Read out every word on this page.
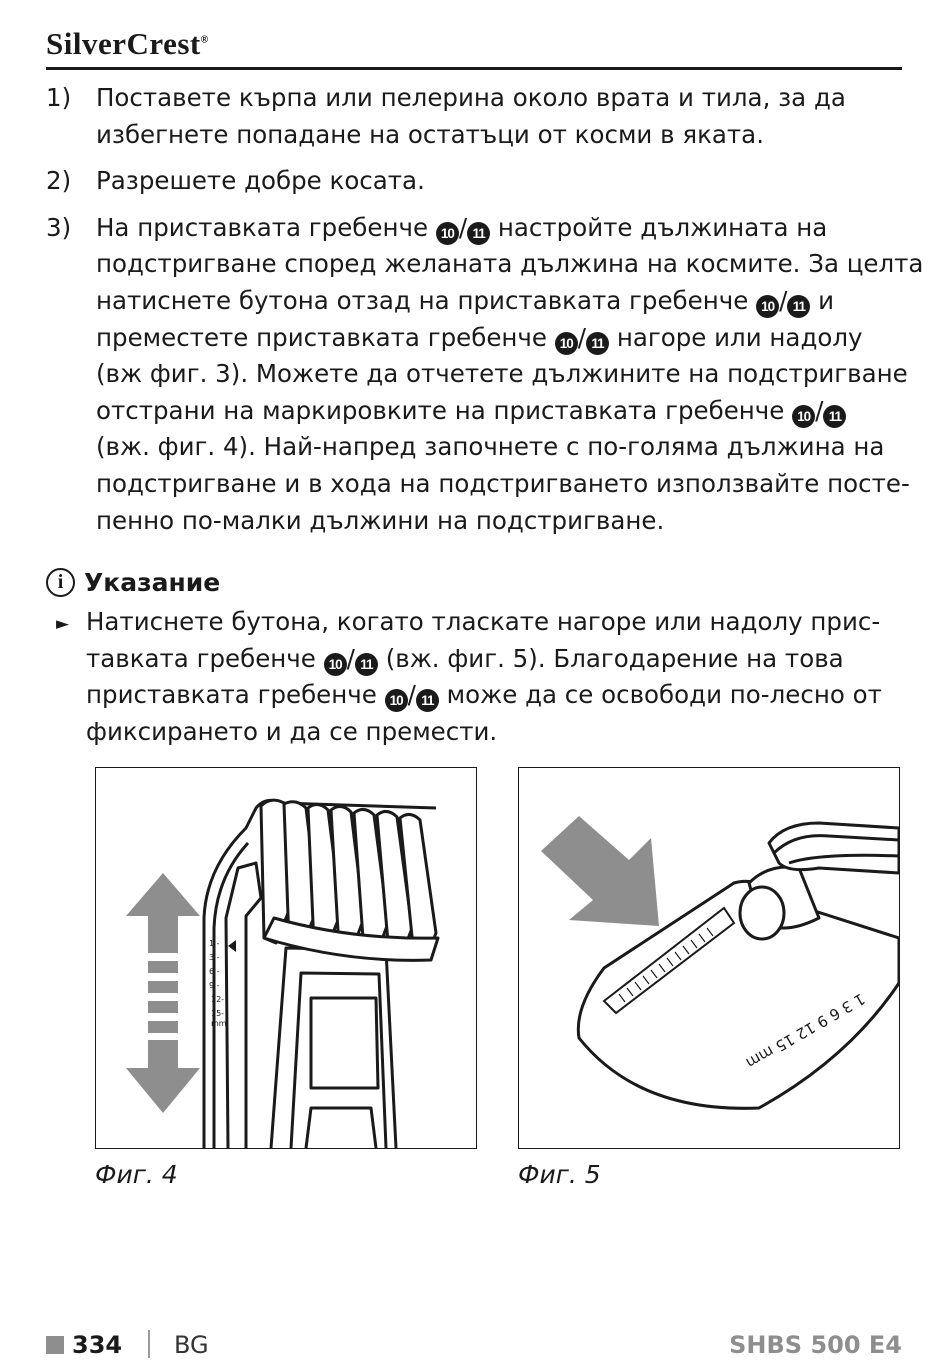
SilverCrest®
1)	Поставете кърпа или пелерина около врата и тила, за да
избегнете попадане на остатъци от косми в яката.
2)	Разрешете добре косата.
3)	На приставката гребенче 10 / 11 настройте дължината на
подстригване според желаната дължина на космите. За целта
натиснете бутона отзад на приставката гребенче 10 / 11 и
преместете приставката гребенче 10 / 11 нагоре или надолу
(вж фиг. 3). Можете да отчетете дължините на подстригване
отстрани на маркировките на приставката гребенче 10 / 11
(вж. фиг. 4). Най-напред започнете с по-голяма дължина на
подстригване и в хода на подстригването използвайте посте-
пенно по-малки дължини на подстригване.
i Указание
► Натиснете бутона, когато тласкате нагоре или надолу прис-
тавката гребенче 10 / 11 (вж. фиг. 5). Благодарение на това
приставката гребенче 10 / 11 може да се освободи по-лесно от
фиксирането и да се премести.
1 -
3 -
6 -
9 -
12-
15-
mm
Фиг. 4
1 3 6 9 12 15 mm
Фиг. 5
334 BG	SHBS 500 E4
